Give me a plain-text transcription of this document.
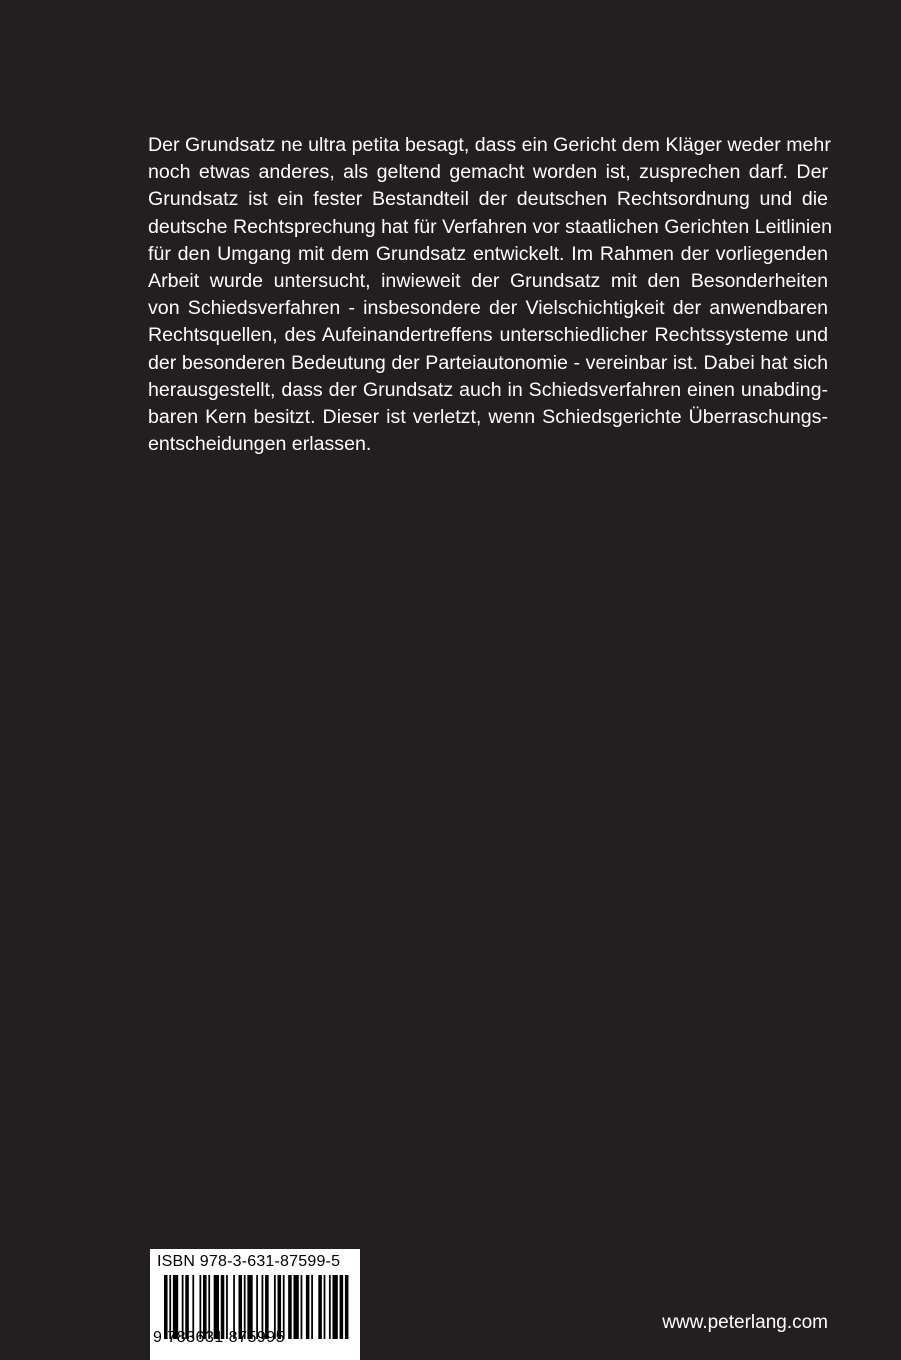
Der Grundsatz ne ultra petita besagt, dass ein Gericht dem Kläger weder mehr
noch etwas anderes, als geltend gemacht worden ist, zusprechen darf. Der
Grundsatz ist ein fester Bestandteil der deutschen Rechtsordnung und die
deutsche Rechtsprechung hat für Verfahren vor staatlichen Gerichten Leitlinien
für den Umgang mit dem Grundsatz entwickelt. Im Rahmen der vorliegenden
Arbeit wurde untersucht, inwieweit der Grundsatz mit den Besonderheiten
von Schiedsverfahren - insbesondere der Vielschichtigkeit der anwendbaren
Rechtsquellen, des Aufeinandertreffens unterschiedlicher Rechtssysteme und
der besonderen Bedeutung der Parteiautonomie - vereinbar ist. Dabei hat sich
herausgestellt, dass der Grundsatz auch in Schiedsverfahren einen unabding-
baren Kern besitzt. Dieser ist verletzt, wenn Schiedsgerichte Überraschungs-
entscheidungen erlassen.
ISBN 978-3-631-87599-5
9 783631 875995
www.peterlang.com
